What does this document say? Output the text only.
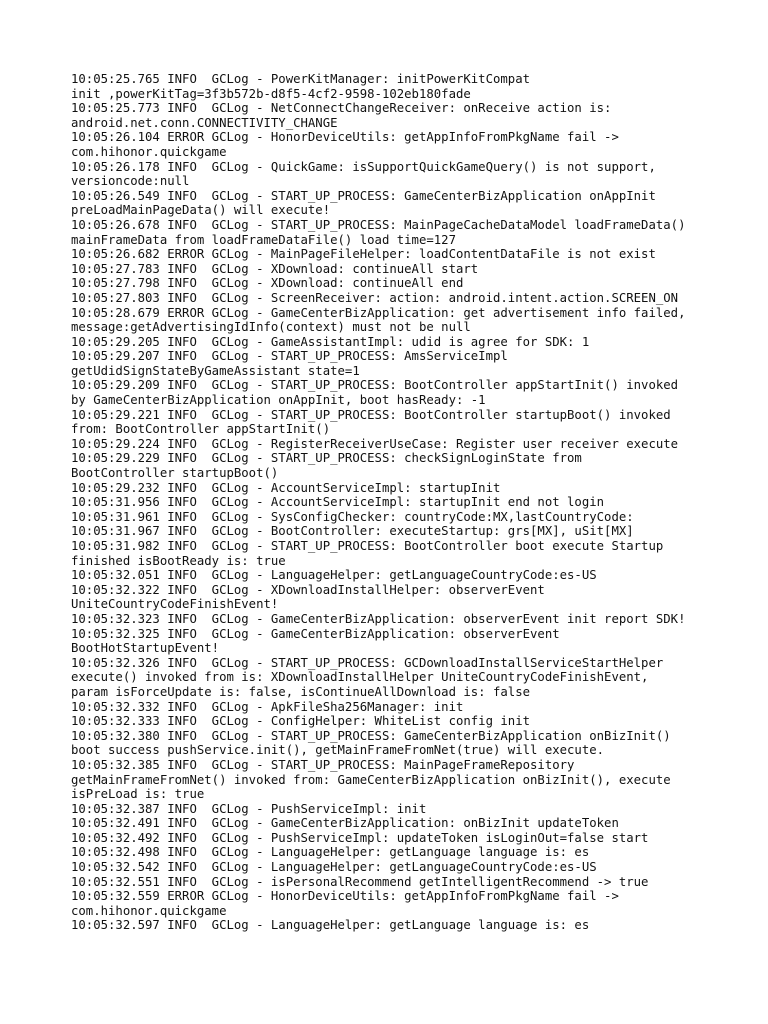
10:05:25.765 INFO  GCLog - PowerKitManager: initPowerKitCompat
init ,powerKitTag=3f3b572b-d8f5-4cf2-9598-102eb180fade
10:05:25.773 INFO  GCLog - NetConnectChangeReceiver: onReceive action is:
android.net.conn.CONNECTIVITY_CHANGE
10:05:26.104 ERROR GCLog - HonorDeviceUtils: getAppInfoFromPkgName fail ->
com.hihonor.quickgame
10:05:26.178 INFO  GCLog - QuickGame: isSupportQuickGameQuery() is not support,
versioncode:null
10:05:26.549 INFO  GCLog - START_UP_PROCESS: GameCenterBizApplication onAppInit
preLoadMainPageData() will execute!
10:05:26.678 INFO  GCLog - START_UP_PROCESS: MainPageCacheDataModel loadFrameData()
mainFrameData from loadFrameDataFile() load time=127
10:05:26.682 ERROR GCLog - MainPageFileHelper: loadContentDataFile is not exist
10:05:27.783 INFO  GCLog - XDownload: continueAll start
10:05:27.798 INFO  GCLog - XDownload: continueAll end
10:05:27.803 INFO  GCLog - ScreenReceiver: action: android.intent.action.SCREEN_ON
10:05:28.679 ERROR GCLog - GameCenterBizApplication: get advertisement info failed,
message:getAdvertisingIdInfo(context) must not be null
10:05:29.205 INFO  GCLog - GameAssistantImpl: udid is agree for SDK: 1
10:05:29.207 INFO  GCLog - START_UP_PROCESS: AmsServiceImpl
getUdidSignStateByGameAssistant state=1
10:05:29.209 INFO  GCLog - START_UP_PROCESS: BootController appStartInit() invoked
by GameCenterBizApplication onAppInit, boot hasReady: -1
10:05:29.221 INFO  GCLog - START_UP_PROCESS: BootController startupBoot() invoked
from: BootController appStartInit()
10:05:29.224 INFO  GCLog - RegisterReceiverUseCase: Register user receiver execute
10:05:29.229 INFO  GCLog - START_UP_PROCESS: checkSignLoginState from
BootController startupBoot()
10:05:29.232 INFO  GCLog - AccountServiceImpl: startupInit
10:05:31.956 INFO  GCLog - AccountServiceImpl: startupInit end not login
10:05:31.961 INFO  GCLog - SysConfigChecker: countryCode:MX,lastCountryCode:
10:05:31.967 INFO  GCLog - BootController: executeStartup: grs[MX], uSit[MX]
10:05:31.982 INFO  GCLog - START_UP_PROCESS: BootController boot execute Startup
finished isBootReady is: true
10:05:32.051 INFO  GCLog - LanguageHelper: getLanguageCountryCode:es-US
10:05:32.322 INFO  GCLog - XDownloadInstallHelper: observerEvent
UniteCountryCodeFinishEvent!
10:05:32.323 INFO  GCLog - GameCenterBizApplication: observerEvent init report SDK!
10:05:32.325 INFO  GCLog - GameCenterBizApplication: observerEvent
BootHotStartupEvent!
10:05:32.326 INFO  GCLog - START_UP_PROCESS: GCDownloadInstallServiceStartHelper
execute() invoked from is: XDownloadInstallHelper UniteCountryCodeFinishEvent,
param isForceUpdate is: false, isContinueAllDownload is: false
10:05:32.332 INFO  GCLog - ApkFileSha256Manager: init
10:05:32.333 INFO  GCLog - ConfigHelper: WhiteList config init
10:05:32.380 INFO  GCLog - START_UP_PROCESS: GameCenterBizApplication onBizInit()
boot success pushService.init(), getMainFrameFromNet(true) will execute.
10:05:32.385 INFO  GCLog - START_UP_PROCESS: MainPageFrameRepository
getMainFrameFromNet() invoked from: GameCenterBizApplication onBizInit(), execute
isPreLoad is: true
10:05:32.387 INFO  GCLog - PushServiceImpl: init
10:05:32.491 INFO  GCLog - GameCenterBizApplication: onBizInit updateToken
10:05:32.492 INFO  GCLog - PushServiceImpl: updateToken isLoginOut=false start
10:05:32.498 INFO  GCLog - LanguageHelper: getLanguage language is: es
10:05:32.542 INFO  GCLog - LanguageHelper: getLanguageCountryCode:es-US
10:05:32.551 INFO  GCLog - isPersonalRecommend getIntelligentRecommend -> true
10:05:32.559 ERROR GCLog - HonorDeviceUtils: getAppInfoFromPkgName fail ->
com.hihonor.quickgame
10:05:32.597 INFO  GCLog - LanguageHelper: getLanguage language is: es
